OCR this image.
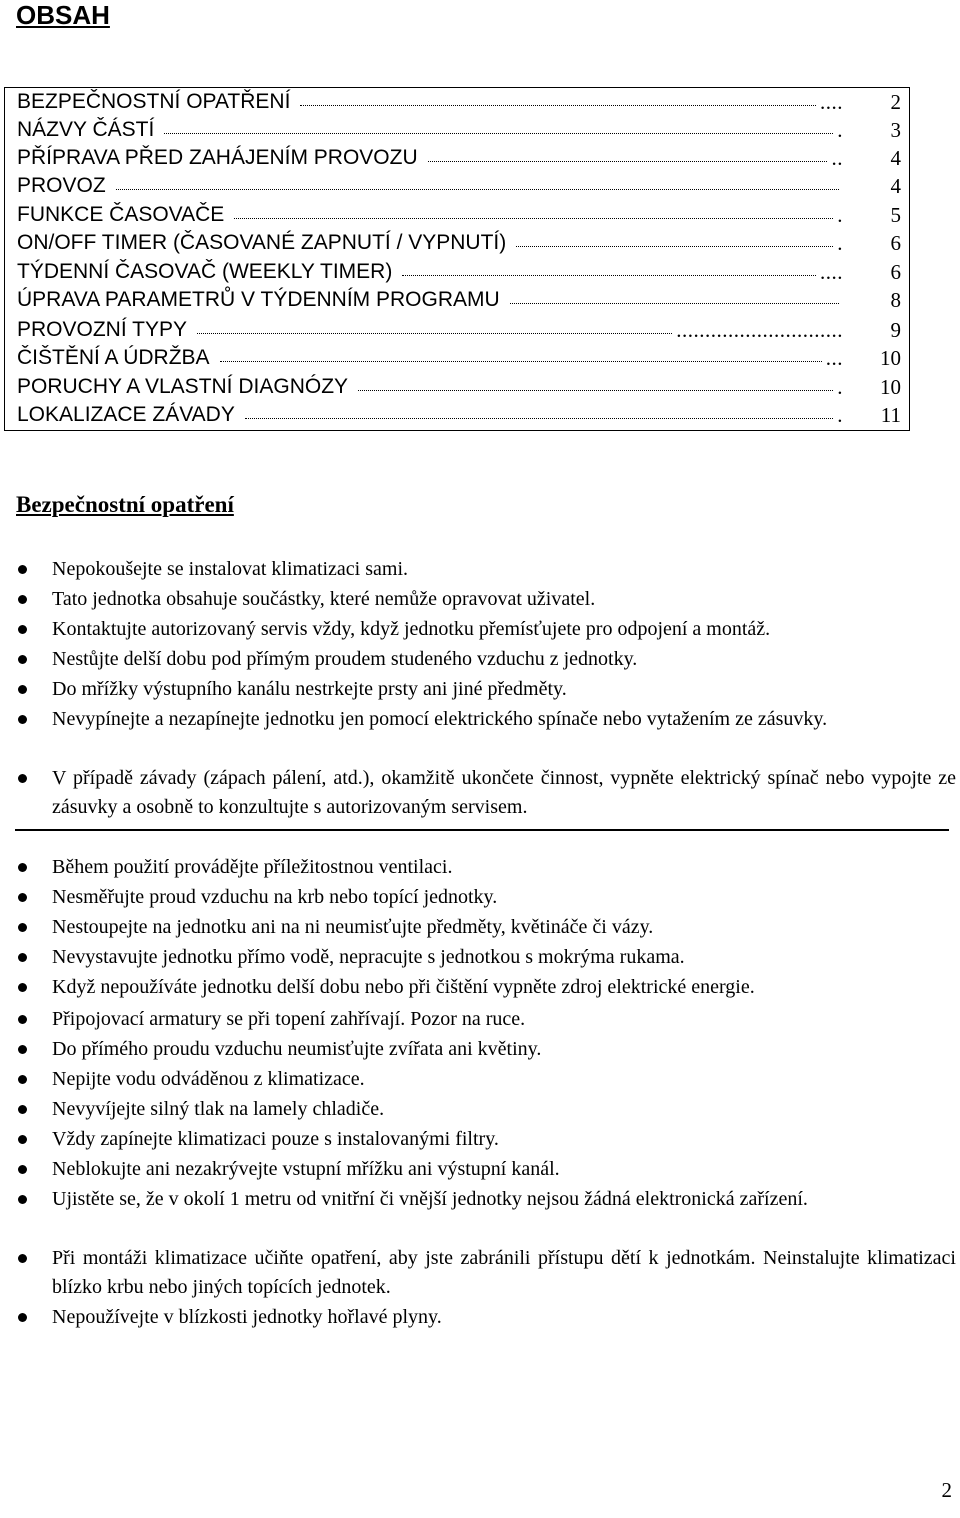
OBSAH
BEZPEČNOSTNÍ OPATŘENÍ	....	2
NÁZVY ČÁSTÍ	.	3
PŘÍPRAVA PŘED ZAHÁJENÍM PROVOZU	..	4
PROVOZ	4
FUNKCE ČASOVAČE	.	5
ON/OFF TIMER (ČASOVANÉ ZAPNUTÍ / VYPNUTÍ)	.	6
TÝDENNÍ ČASOVAČ (WEEKLY TIMER)	....	6
ÚPRAVA PARAMETRŮ V TÝDENNÍM PROGRAMU	8
PROVOZNÍ TYPY	.............................	9
ČIŠTĚNÍ A ÚDRŽBA	... 10
PORUCHY A VLASTNÍ DIAGNÓZY	. 10
LOKALIZACE ZÁVADY	. 11
Bezpečnostní opatření
Nepokoušejte se instalovat klimatizaci sami.
Tato jednotka obsahuje součástky, které nemůže opravovat uživatel.
Kontaktujte autorizovaný servis vždy, když jednotku přemísťujete pro odpojení a montáž.
Nestůjte delší dobu pod přímým proudem studeného vzduchu z jednotky.
Do mřížky výstupního kanálu nestrkejte prsty ani jiné předměty.
Nevypínejte a nezapínejte jednotku jen pomocí elektrického spínače nebo vytažením ze zásuvky.
V případě závady (zápach pálení, atd.), okamžitě ukončete činnost, vypněte elektrický spínač nebo vypojte ze zásuvky a osobně to konzultujte s autorizovaným servisem.
Během použití provádějte příležitostnou ventilaci.
Nesměřujte proud vzduchu na krb nebo topící jednotky.
Nestoupejte na jednotku ani na ni neumisťujte předměty, květináče či vázy.
Nevystavujte jednotku přímo vodě, nepracujte s jednotkou s mokrýma rukama.
Když nepoužíváte jednotku delší dobu nebo při čištění vypněte zdroj elektrické energie.
Připojovací armatury se při topení zahřívají. Pozor na ruce.
Do přímého proudu vzduchu neumisťujte zvířata ani květiny.
Nepijte vodu odváděnou z klimatizace.
Nevyvíjejte silný tlak na lamely chladiče.
Vždy zapínejte klimatizaci pouze s instalovanými filtry.
Neblokujte ani nezakrývejte vstupní mřížku ani výstupní kanál.
Ujistěte se, že v okolí 1 metru od vnitřní či vnější jednotky nejsou žádná elektronická zařízení.
Při montáži klimatizace učiňte opatření, aby jste zabránili přístupu dětí k jednotkám. Neinstalujte klimatizaci blízko krbu nebo jiných topících jednotek.
Nepoužívejte v blízkosti jednotky hořlavé plyny.
2
